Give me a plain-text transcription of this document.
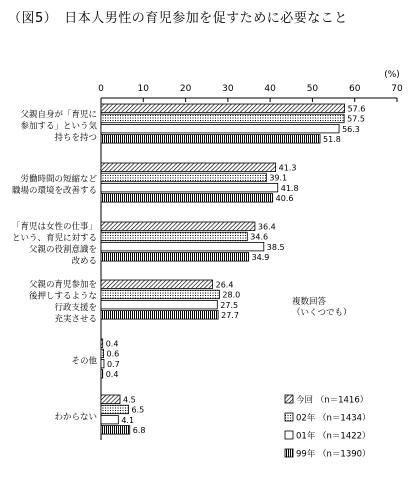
（図5）　日本人男性の育児参加を促すために必要なこと
0	10	20	30	40	50	60	70
(%)
父親自身が「育児に
参加する」という気
持ちを持つ
労働時間の短縮など
職場の環境を改善する
「育児は女性の仕事」
という、育児に対する
父親の役割意識を
改める
父親の育児参加を
後押しするような
行政支援を
充実させる
その他
わからない
57.6
57.5
56.3
51.8
41.3
39.1
41.8
40.6
36.4
34.6
38.5
34.9
26.4
28.0
27.5
27.7
0.4
0.6
0.7
0.4
4.5
6.5
4.1
6.8
複数回答
（いくつでも）
今回 （n＝1416）
02年 （n＝1434）
01年 （n＝1422）
99年 （n＝1390）
